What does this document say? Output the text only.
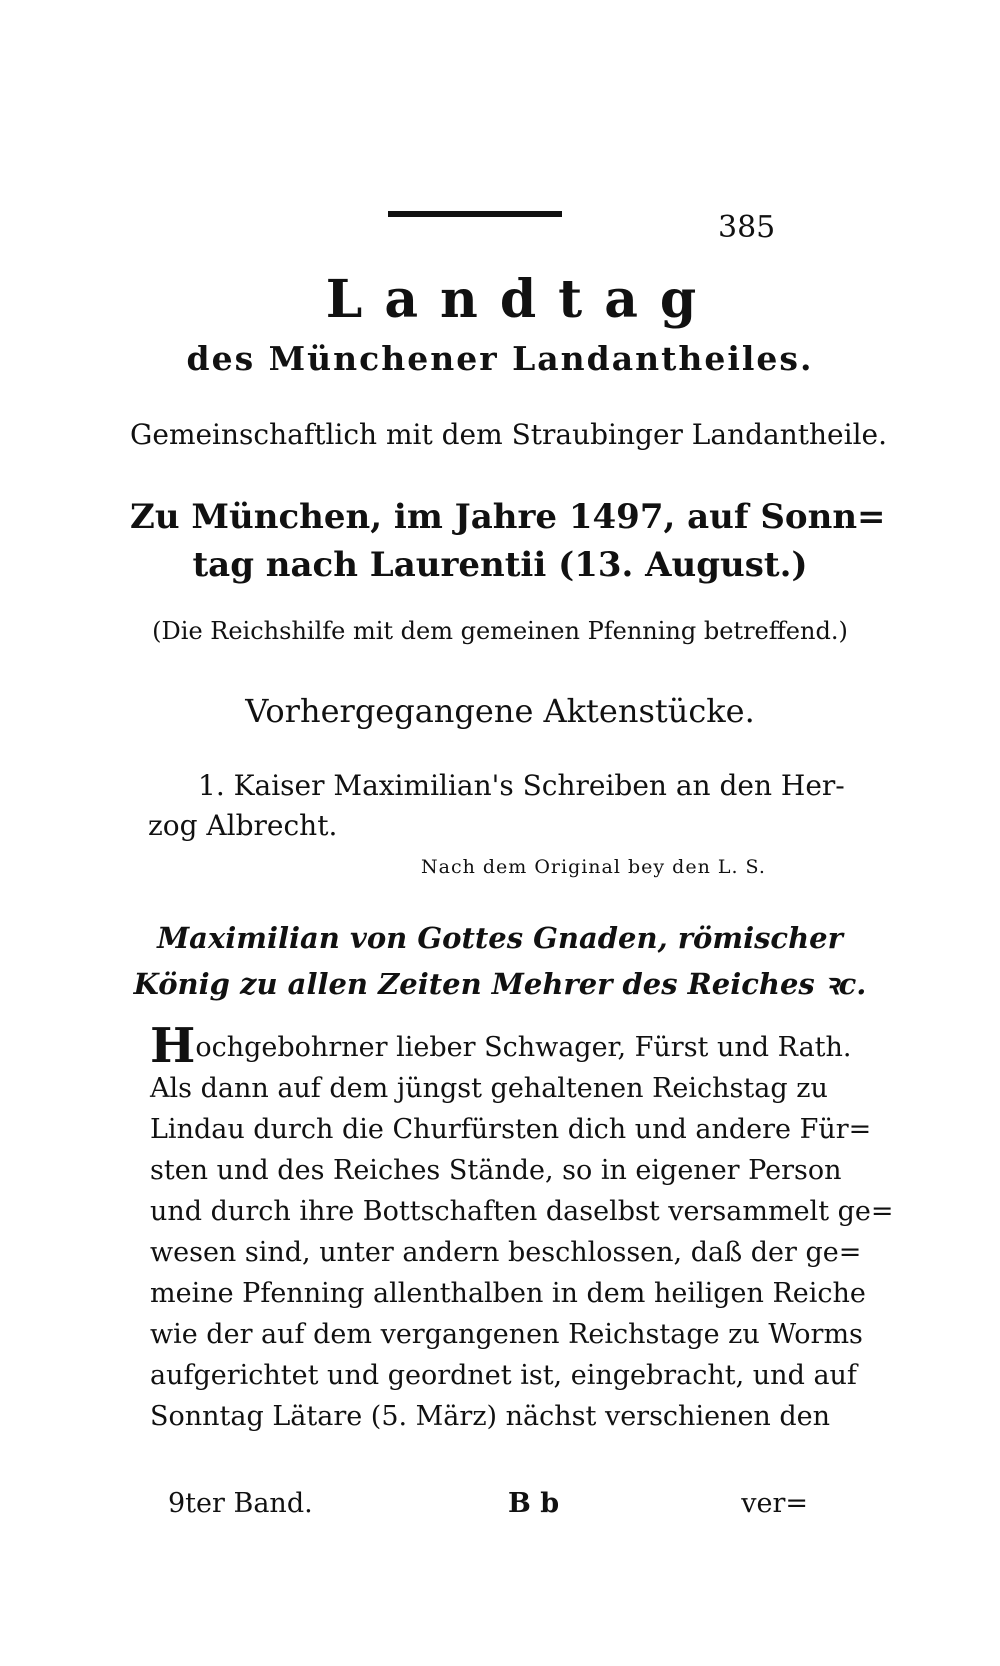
385
Landtag
des Münchener Landantheiles.
Gemeinschaftlich mit dem Straubinger Landantheile.
Zu München, im Jahre 1497, auf Sonn=
tag nach Laurentii (13. August.)
(Die Reichshilfe mit dem gemeinen Pfenning betreffend.)
Vorhergegangene Aktenstücke.
1. Kaiser Maximilian's Schreiben an den Her-
zog Albrecht.
Nach dem Original bey den L. S.
Maximilian von Gottes Gnaden, römischer
König zu allen Zeiten Mehrer des Reiches ꝛc.
Hochgebohrner lieber Schwager, Fürst und Rath.
Als dann auf dem jüngst gehaltenen Reichstag zu
Lindau durch die Churfürsten dich und andere Für=
sten und des Reiches Stände, so in eigener Person
und durch ihre Bottschaften daselbst versammelt ge=
wesen sind, unter andern beschlossen, daß der ge=
meine Pfenning allenthalben in dem heiligen Reiche
wie der auf dem vergangenen Reichstage zu Worms
aufgerichtet und geordnet ist, eingebracht, und auf
Sonntag Lätare (5. März) nächst verschienen den
9ter Band.	B b	ver=
